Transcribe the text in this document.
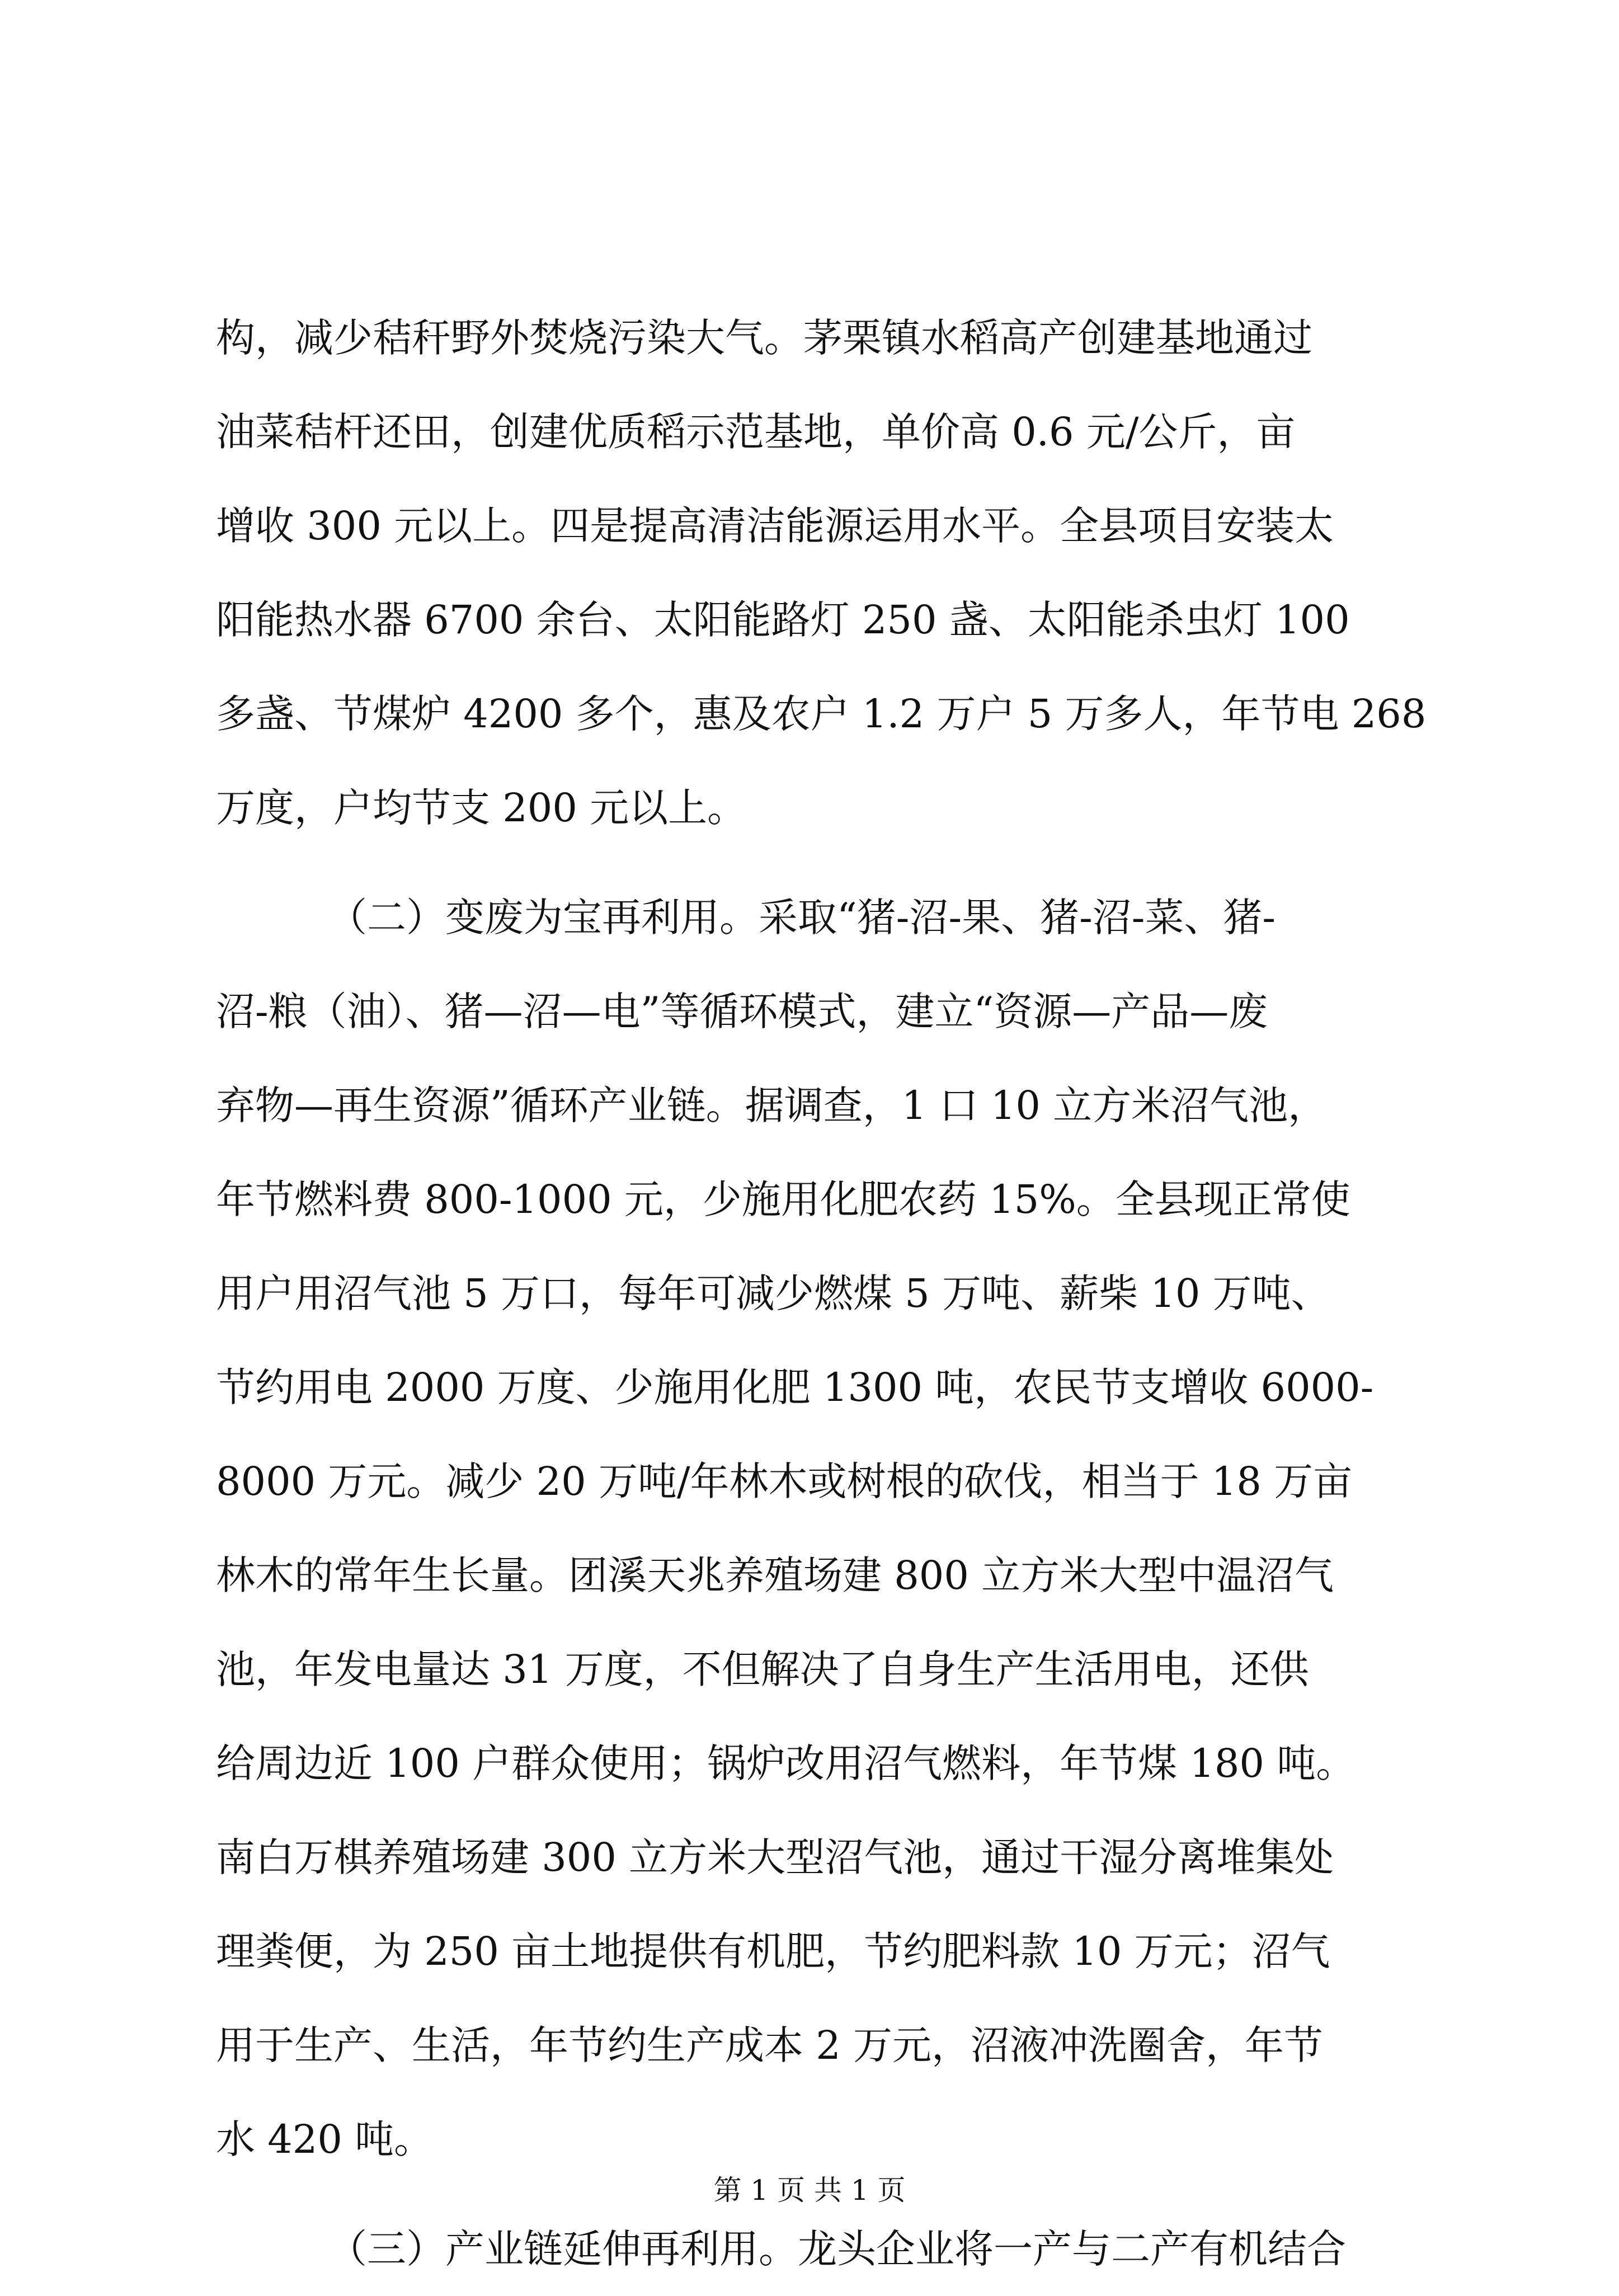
构，减少秸秆野外焚烧污染大气。茅栗镇水稻高产创建基地通过
油菜秸杆还田，创建优质稻示范基地，单价高 0.6 元/公斤，亩
增收 300 元以上。四是提高清洁能源运用水平。全县项目安装太
阳能热水器 6700 余台、太阳能路灯 250 盏、太阳能杀虫灯 100
多盏、节煤炉 4200 多个，惠及农户 1.2 万户 5 万多人，年节电 268
万度，户均节支 200 元以上。
（二）变废为宝再利用。采取“猪-沼-果、猪-沼-菜、猪-
沼-粮（油）、猪—沼—电”等循环模式，建立“资源—产品—废
弃物—再生资源”循环产业链。据调查，1 口 10 立方米沼气池，
年节燃料费 800-1000 元，少施用化肥农药 15%。全县现正常使
用户用沼气池 5 万口，每年可减少燃煤 5 万吨、薪柴 10 万吨、
节约用电 2000 万度、少施用化肥 1300 吨，农民节支增收 6000-
8000 万元。减少 20 万吨/年林木或树根的砍伐，相当于 18 万亩
林木的常年生长量。团溪天兆养殖场建 800 立方米大型中温沼气
池，年发电量达 31 万度，不但解决了自身生产生活用电，还供
给周边近 100 户群众使用；锅炉改用沼气燃料，年节煤 180 吨。
南白万棋养殖场建 300 立方米大型沼气池，通过干湿分离堆集处
理粪便，为 250 亩土地提供有机肥，节约肥料款 10 万元；沼气
用于生产、生活，年节约生产成本 2 万元，沼液冲洗圈舍，年节
水 420 吨。
（三）产业链延伸再利用。龙头企业将一产与二产有机结合
第 1 页 共 1 页
